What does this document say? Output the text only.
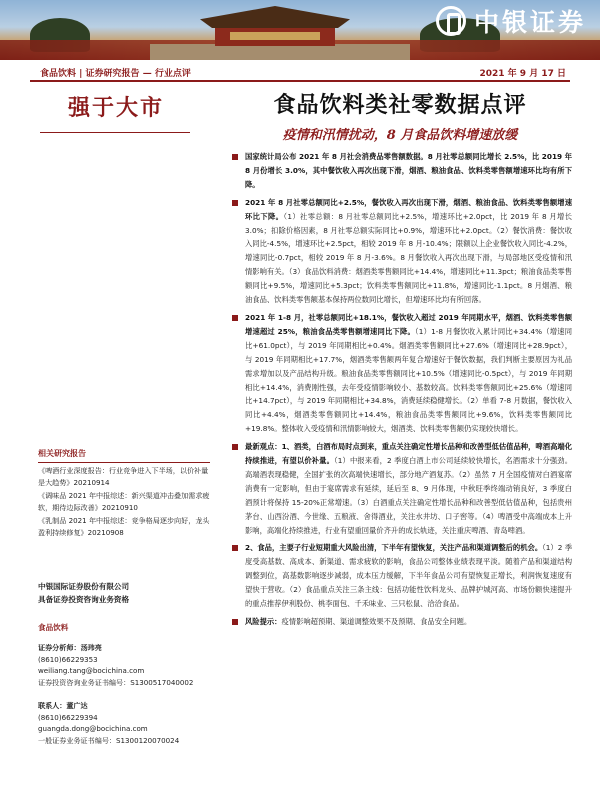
中银证券
食品饮料 | 证券研究报告 — 行业点评	2021 年 9 月 17 日
强于大市	食品饮料类社零数据点评
疫情和汛情扰动，8 月食品饮料增速放缓

国家统计局公布 2021 年 8 月社会消费品零售额数据。8 月社零总额同比增长 2.5%，比 2019 年 8 月份增长 3.0%，其中餐饮收入再次出现下滑，烟酒、粮油食品、饮料类零售额增速环比均有所下降。

2021 年 8 月社零总额同比+2.5%，餐饮收入再次出现下滑，烟酒、粮油食品、饮料类零售额增速环比下降。（1）社零总额：8 月社零总额同比+2.5%，增速环比+2.0pct，比 2019 年 8 月增长 3.0%；扣除价格因素，8 月社零总额实际同比+0.9%，增速环比+2.0pct。（2）餐饮消费：餐饮收入同比-4.5%，增速环比+2.5pct，相较 2019 年 8 月-10.4%；限额以上企业餐饮收入同比-4.2%，增速同比-0.7pct，相较 2019 年 8 月-3.6%。8 月餐饮收入再次出现下滑，与局部地区受疫情和汛情影响有关。（3）食品饮料消费：烟酒类零售额同比+14.4%，增速同比+11.3pct；粮油食品类零售额同比+9.5%，增速同比+5.3pct；饮料类零售额同比+11.8%，增速同比-1.1pct。8 月烟酒、粮油食品、饮料类零售额基本保持两位数同比增长，但增速环比均有所回落。

2021 年 1-8 月，社零总额同比+18.1%，餐饮收入超过 2019 年同期水平，烟酒、饮料类零售额增速超过 25%，粮油食品类零售额增速同比下降。（1）1-8 月餐饮收入累计同比+34.4%（增速同比+61.0pct），与 2019 年同期相比+0.4%。烟酒类零售额同比+27.6%（增速同比+28.9pct），与 2019 年同期相比+17.7%，烟酒类零售额两年复合增速好于餐饮数据，我们判断主要原因为礼品需求增加以及产品结构升级。粮油食品类零售额同比+10.5%（增速同比-0.5pct），与 2019 年同期相比+14.4%，消费刚性强，去年受疫情影响较小、基数较高。饮料类零售额同比+25.6%（增速同比+14.7pct），与 2019 年同期相比+34.8%，消费延续稳健增长。（2）单看 7-8 月数据，餐饮收入同比+4.4%，烟酒类零售额同比+14.4%，粮油食品类零售额同比+9.6%，饮料类零售额同比+19.8%。整体收入受疫情和汛情影响较大，烟酒类、饮料类零售额仍实现较快增长。

最新观点：1、酒类，白酒布局时点到来，重点关注确定性增长品种和改善型低估值品种，啤酒高端化持续推进，有望以价补量。（1）中报来看，2 季度白酒上市公司延续较快增长，名酒需求十分强劲。高端酒表现稳健，全国扩张的次高端快速增长，部分地产酒复苏。（2）虽然 7 月全国疫情对白酒宴席消费有一定影响，但由于宴席需求有延续，延后至 8、9 月体现，中秋旺季终端动销良好，3 季度白酒预计将保持 15-20%正常增速。（3）白酒重点关注确定性增长品种和改善型低估值品种，包括贵州茅台、山西汾酒、今世缘、五粮液、舍得酒业，关注水井坊、口子窖等。（4）啤酒受中高端成本上升影响，高端化持续推进，行业有望重回量价齐升的成长轨迹，关注重庆啤酒、青岛啤酒。

2、食品，主要子行业短期重大风险出清，下半年有望恢复，关注产品和渠道调整后的机会。（1）2 季度受高基数、高成本、新渠道、需求疲软的影响，食品公司整体业绩表现平淡。随着产品和渠道结构调整到位，高基数影响逐步减弱，成本压力缓解，下半年食品公司有望恢复正增长，利润恢复速度有望快于营收。（2）食品重点关注三条主线：包括功能性饮料龙头、品牌护城河高、市场份额快速提升的重点推荐伊利股份、桃李面包、千禾味业、三只松鼠、洽洽食品。

风险提示：疫情影响超预期、渠道调整效果不及预期、食品安全问题。

相关研究报告
《啤酒行业深度报告：行业竞争进入下半场，以价补量是大趋势》20210914
《调味品 2021 年中报综述：新兴渠道冲击叠加需求疲软，期待边际改善》20210910
《乳制品 2021 年中报综述：竞争格局逐步向好，龙头盈利持续修复》20210908
中银国际证券股份有限公司
具备证券投资咨询业务资格
食品饮料
证券分析师：汤玮亮
(8610)66229353
weiliang.tang@bocichina.com
证券投资咨询业务证书编号：S1300517040002
联系人：董广达
(8610)66229394
guangda.dong@bocichina.com
一般证券业务证书编号：S1300120070024
